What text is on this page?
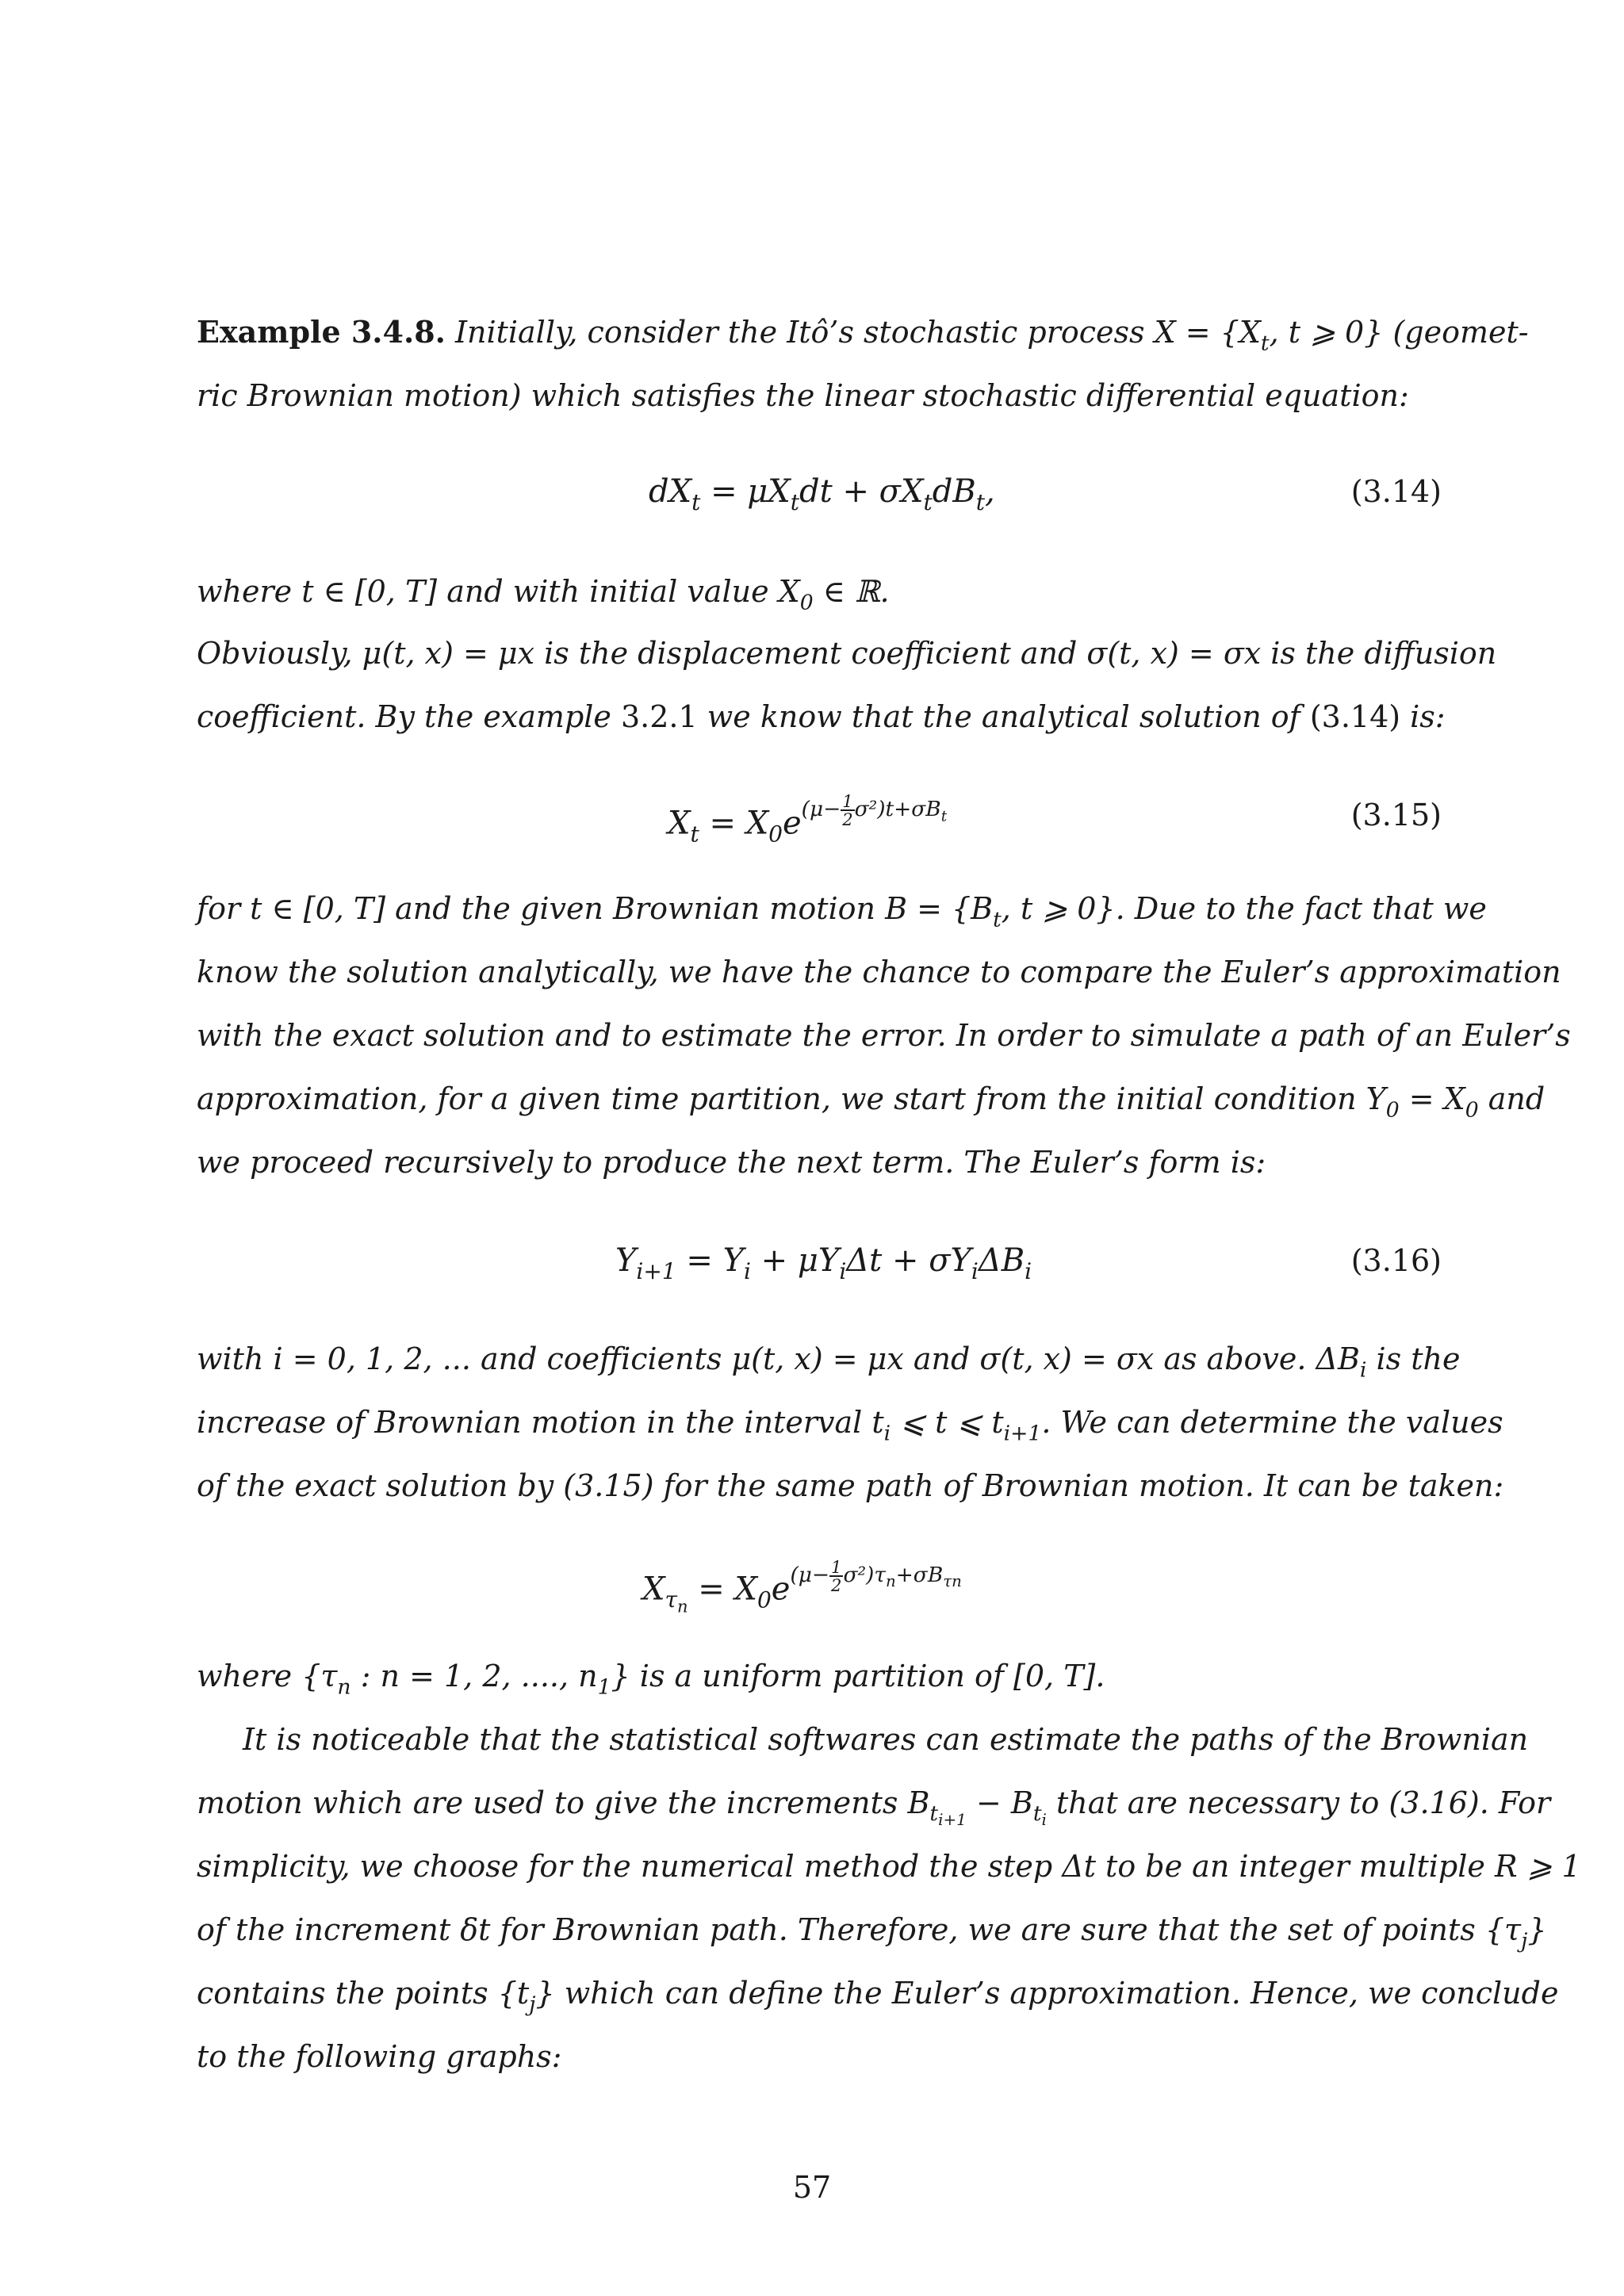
Example 3.4.8. Initially, consider the Itô’s stochastic process $X = \{X_t$, t ⩾ 0} (geomet-
ric Brownian motion) which satisfies the linear stochastic differential equation:
$dX_t = \mu X_tdt + \sigma X_tdB_t$,	(3.14)
where t ∈ [0, T] and with initial value $X_0$ ∈ ℝ.
Obviously, μ(t, x) = μx is the displacement coefficient and σ(t, x) = σx is the diffusion
coefficient. By the example 3.2.1 we know that the analytical solution of (3.14) is:
$X_t = X_0e^{(\mu- \frac{1}{2} \sigma^2)t+\sigma B_t}$	(3.15)
for t ∈ [0, T] and the given Brownian motion $B = \{B_t$, t ⩾ 0}. Due to the fact that we
know the solution analytically, we have the chance to compare the Euler’s approximation
with the exact solution and to estimate the error. In order to simulate a path of an Euler’s
approximation, for a given time partition, we start from the initial condition $Y_0 = X_0$ and
we proceed recursively to produce the next term. The Euler’s form is:
$Y_{i+1} = Y_i + \mu Y_i\Delta t + \sigma Y_i\Delta B_i$	(3.16)
with i = 0, 1, 2, ... and coefficients μ(t, x) = μx and σ(t, x) = σx as above. $\Delta B_i$ is the
increase of Brownian motion in the interval $t_i$ ⩽ t ⩽ $t_{i+1}$. We can determine the values
of the exact solution by (3.15) for the same path of Brownian motion. It can be taken:
$X_{\tau_n} = X_0e^{(\mu- \frac{1}{2} \sigma^2)\tau_n+\sigma B_{\tau n}}$
where {$\tau_n$ : n = 1, 2, ...., $n_1$} is a uniform partition of [0, T].
It is noticeable that the statistical softwares can estimate the paths of the Brownian
motion which are used to give the increments $B_{t_{i+1}} - B_{t_i}$ that are necessary to (3.16). For
simplicity, we choose for the numerical method the step Δt to be an integer multiple R ⩾ 1
of the increment δt for Brownian path. Therefore, we are sure that the set of points $\{\tau_j\}$
contains the points $\{t_j\}$ which can define the Euler’s approximation. Hence, we conclude
to the following graphs:
57
